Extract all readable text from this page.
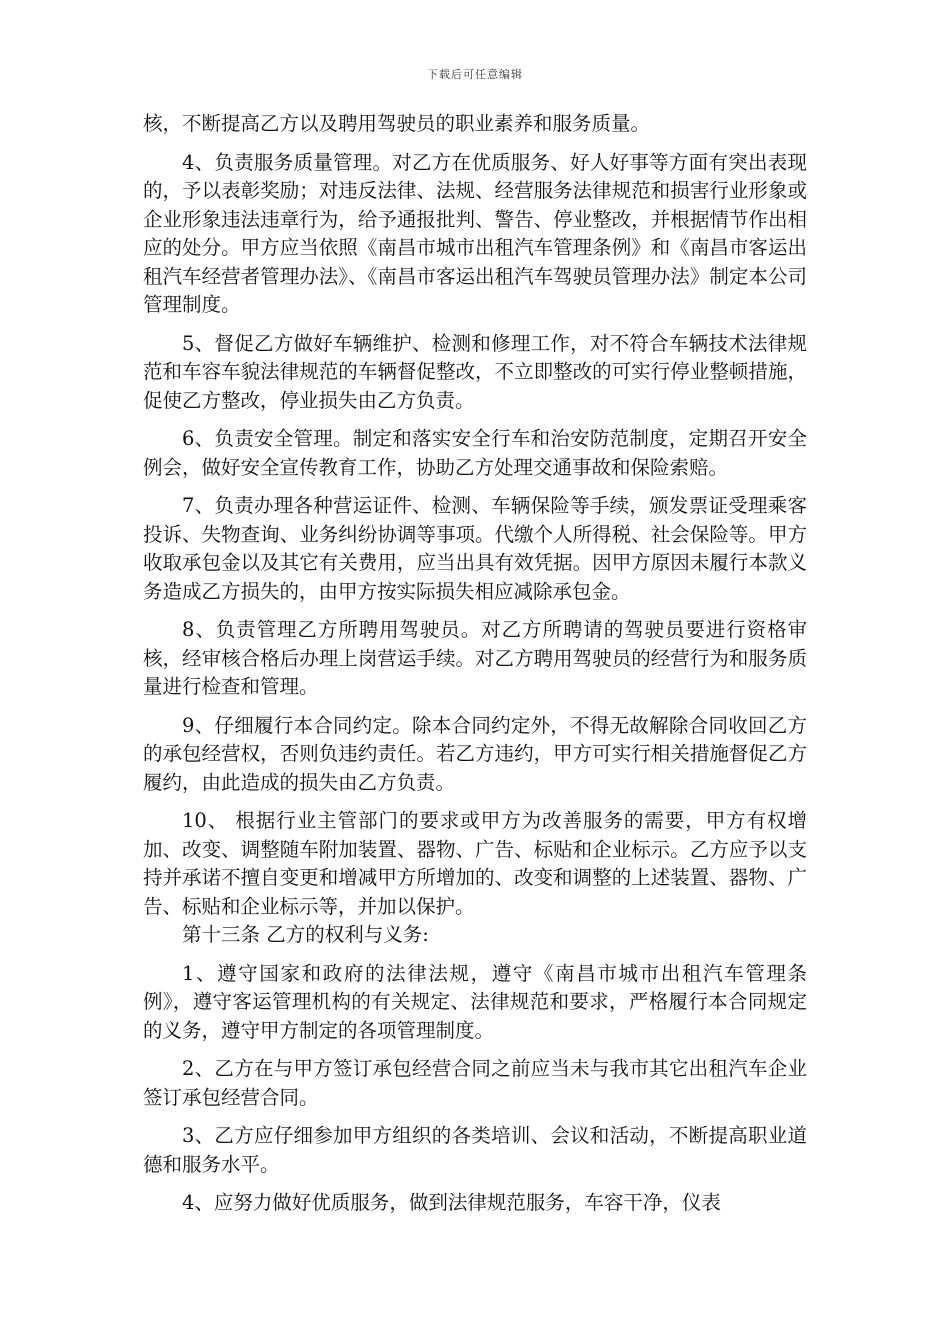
下载后可任意编辑

核，不断提高乙方以及聘用驾驶员的职业素养和服务质量。

4、负责服务质量管理。对乙方在优质服务、好人好事等方面有突出表现的，予以表彰奖励；对违反法律、法规、经营服务法律规范和损害行业形象或企业形象违法违章行为，给予通报批判、警告、停业整改，并根据情节作出相应的处分。甲方应当依照《南昌市城市出租汽车管理条例》和《南昌市客运出租汽车经营者管理办法》、《南昌市客运出租汽车驾驶员管理办法》制定本公司管理制度。

5、督促乙方做好车辆维护、检测和修理工作，对不符合车辆技术法律规范和车容车貌法律规范的车辆督促整改，不立即整改的可实行停业整顿措施，促使乙方整改，停业损失由乙方负责。

6、负责安全管理。制定和落实安全行车和治安防范制度，定期召开安全例会，做好安全宣传教育工作，协助乙方处理交通事故和保险索赔。

7、负责办理各种营运证件、检测、车辆保险等手续，颁发票证受理乘客投诉、失物查询、业务纠纷协调等事项。代缴个人所得税、社会保险等。甲方收取承包金以及其它有关费用，应当出具有效凭据。因甲方原因未履行本款义务造成乙方损失的，由甲方按实际损失相应减除承包金。

8、负责管理乙方所聘用驾驶员。对乙方所聘请的驾驶员要进行资格审核，经审核合格后办理上岗营运手续。对乙方聘用驾驶员的经营行为和服务质量进行检查和管理。

9、仔细履行本合同约定。除本合同约定外，不得无故解除合同收回乙方的承包经营权，否则负违约责任。若乙方违约，甲方可实行相关措施督促乙方履约，由此造成的损失由乙方负责。

10、 根据行业主管部门的要求或甲方为改善服务的需要，甲方有权增加、改变、调整随车附加装置、器物、广告、标贴和企业标示。乙方应予以支持并承诺不擅自变更和增减甲方所增加的、改变和调整的上述装置、器物、广告、标贴和企业标示等，并加以保护。

第十三条 乙方的权利与义务:

1、遵守国家和政府的法律法规，遵守《南昌市城市出租汽车管理条例》，遵守客运管理机构的有关规定、法律规范和要求，严格履行本合同规定的义务，遵守甲方制定的各项管理制度。

2、乙方在与甲方签订承包经营合同之前应当未与我市其它出租汽车企业签订承包经营合同。

3、乙方应仔细参加甲方组织的各类培训、会议和活动，不断提高职业道德和服务水平。

4、应努力做好优质服务，做到法律规范服务，车容干净，仪表
